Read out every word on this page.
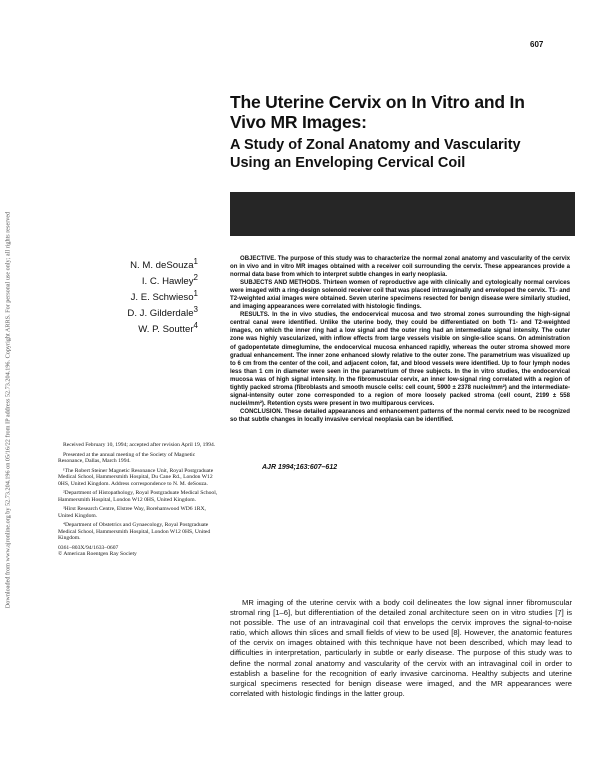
Downloaded from www.ajronline.org by 52.73.204.196 on 05/16/22 from IP address 52.73.204.196. Copyright ARRS. For personal use only; all rights reserved
607
The Uterine Cervix on In Vitro and In Vivo MR Images:
A Study of Zonal Anatomy and Vascularity Using an Enveloping Cervical Coil
N. M. deSouza$^1$
I. C. Hawley$^2$
J. E. Schwieso$^1$
D. J. Gilderdale$^3$
W. P. Soutter$^4$

OBJECTIVE. The purpose of this study was to characterize the normal zonal anatomy and vascularity of the cervix on in vivo and in vitro MR images obtained with a receiver coil surrounding the cervix. These appearances provide a normal data base from which to interpret subtle changes in early neoplasia.

SUBJECTS AND METHODS. Thirteen women of reproductive age with clinically and cytologically normal cervices were imaged with a ring-design solenoid receiver coil that was placed intravaginally and enveloped the cervix. T1- and T2-weighted axial images were obtained. Seven uterine specimens resected for benign disease were similarly studied, and imaging appearances were correlated with histologic findings.

RESULTS. In the in vivo studies, the endocervical mucosa and two stromal zones surrounding the high-signal central canal were identified. Unlike the uterine body, they could be differentiated on both T1- and T2-weighted images, on which the inner ring had a low signal and the outer ring had an intermediate signal intensity. The outer zone was highly vascularized, with inflow effects from large vessels visible on single-slice scans. On administration of gadopentetate dimeglumine, the endocervical mucosa enhanced rapidly, whereas the outer stroma showed more gradual enhancement. The inner zone enhanced slowly relative to the outer zone. The parametrium was visualized up to 6 cm from the center of the coil, and adjacent colon, fat, and blood vessels were identified. Up to four lymph nodes less than 1 cm in diameter were seen in the parametrium of three subjects. In the in vitro studies, the endocervical mucosa was of high signal intensity. In the fibromuscular cervix, an inner low-signal ring correlated with a region of tightly packed stroma (fibroblasts and smooth muscle cells: cell count, 5900 ± 2378 nuclei/mm²) and the intermediate-signal-intensity outer zone corresponded to a region of more loosely packed stroma (cell count, 2199 ± 558 nuclei/mm²). Retention cysts were present in two multiparous cervices.

CONCLUSION. These detailed appearances and enhancement patterns of the normal cervix need to be recognized so that subtle changes in locally invasive cervical neoplasia can be identified.

AJR 1994;163:607–612

Received February 10, 1994; accepted after revision April 19, 1994.

Presented at the annual meeting of the Society of Magnetic Resonance, Dallas, March 1994.

¹The Robert Steiner Magnetic Resonance Unit, Royal Postgraduate Medical School, Hammersmith Hospital, Du Cane Rd., London W12 0HS, United Kingdom. Address correspondence to N. M. deSouza.

²Department of Histopathology, Royal Postgraduate Medical School, Hammersmith Hospital, London W12 0HS, United Kingdom.

³Hirst Research Centre, Elstree Way, Borehamwood WD6 1RX, United Kingdom.

⁴Department of Obstetrics and Gynaecology, Royal Postgraduate Medical School, Hammersmith Hospital, London W12 0HS, United Kingdom.

0361–803X/94/1633–0607
© American Roentgen Ray Society

MR imaging of the uterine cervix with a body coil delineates the low signal inner fibromuscular stromal ring [1–6], but differentiation of the detailed zonal architecture seen on in vitro studies [7] is not possible. The use of an intravaginal coil that envelops the cervix improves the signal-to-noise ratio, which allows thin slices and small fields of view to be used [8]. However, the anatomic features of the cervix on images obtained with this technique have not been described, which may lead to difficulties in interpretation, particularly in subtle or early disease. The purpose of this study was to define the normal zonal anatomy and vascularity of the cervix with an intravaginal coil in order to establish a baseline for the recognition of early invasive carcinoma. Healthy subjects and uterine surgical specimens resected for benign disease were imaged, and the MR appearances were correlated with histologic findings in the latter group.
